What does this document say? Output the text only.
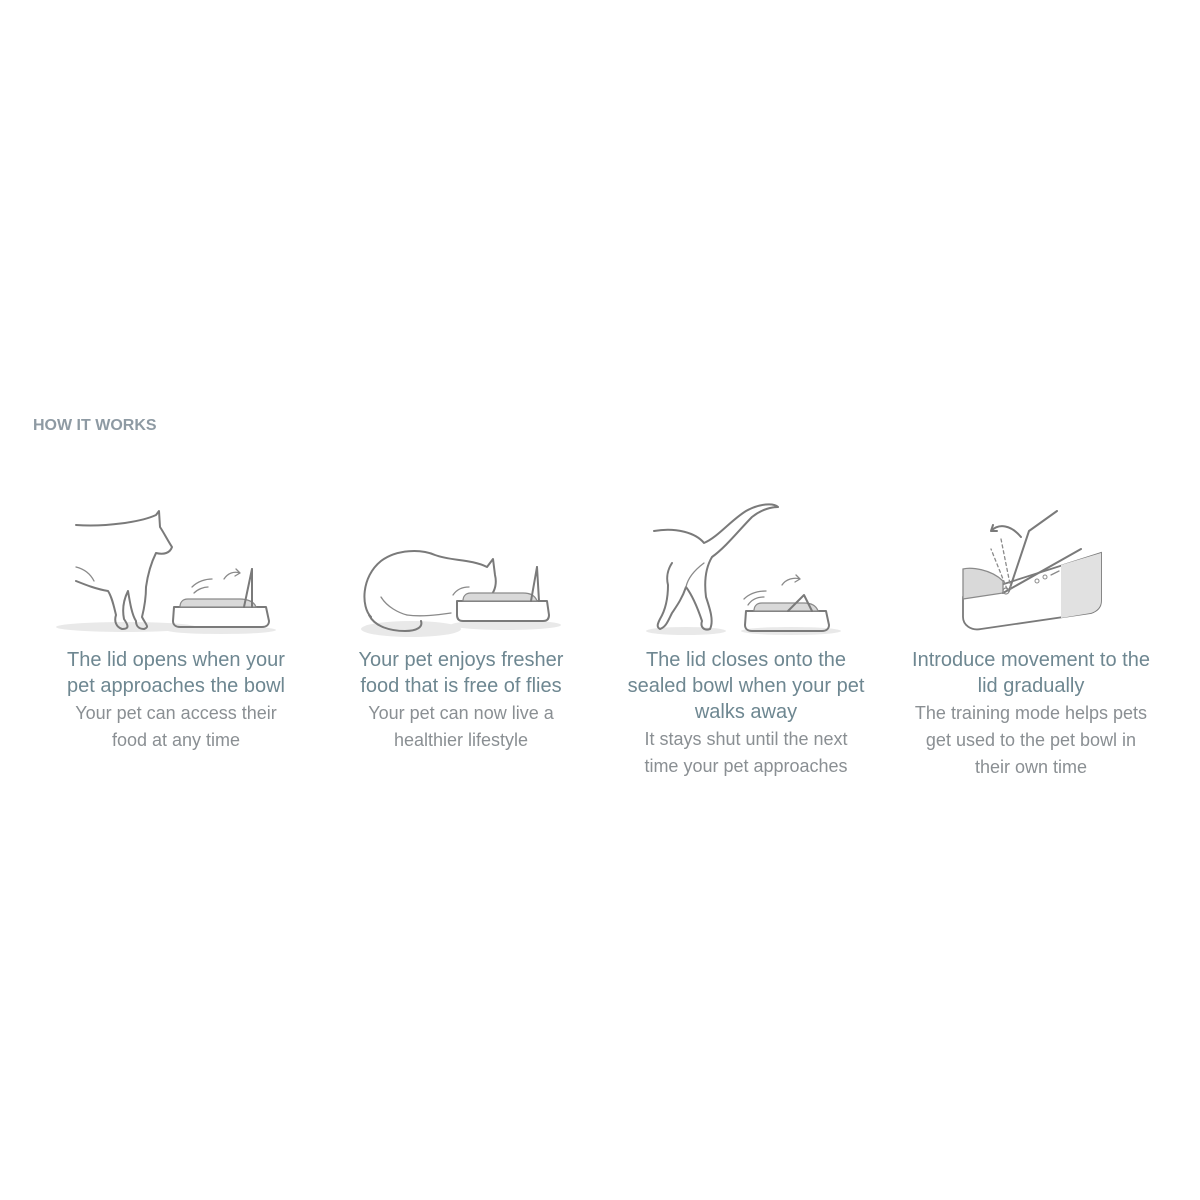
HOW IT WORKS
The lid opens when your pet approaches the bowl
Your pet can access their food at any time
Your pet enjoys fresher food that is free of flies
Your pet can now live a healthier lifestyle
The lid closes onto the sealed bowl when your pet walks away
It stays shut until the next time your pet approaches
Introduce movement to the lid gradually
The training mode helps pets get used to the pet bowl in their own time
